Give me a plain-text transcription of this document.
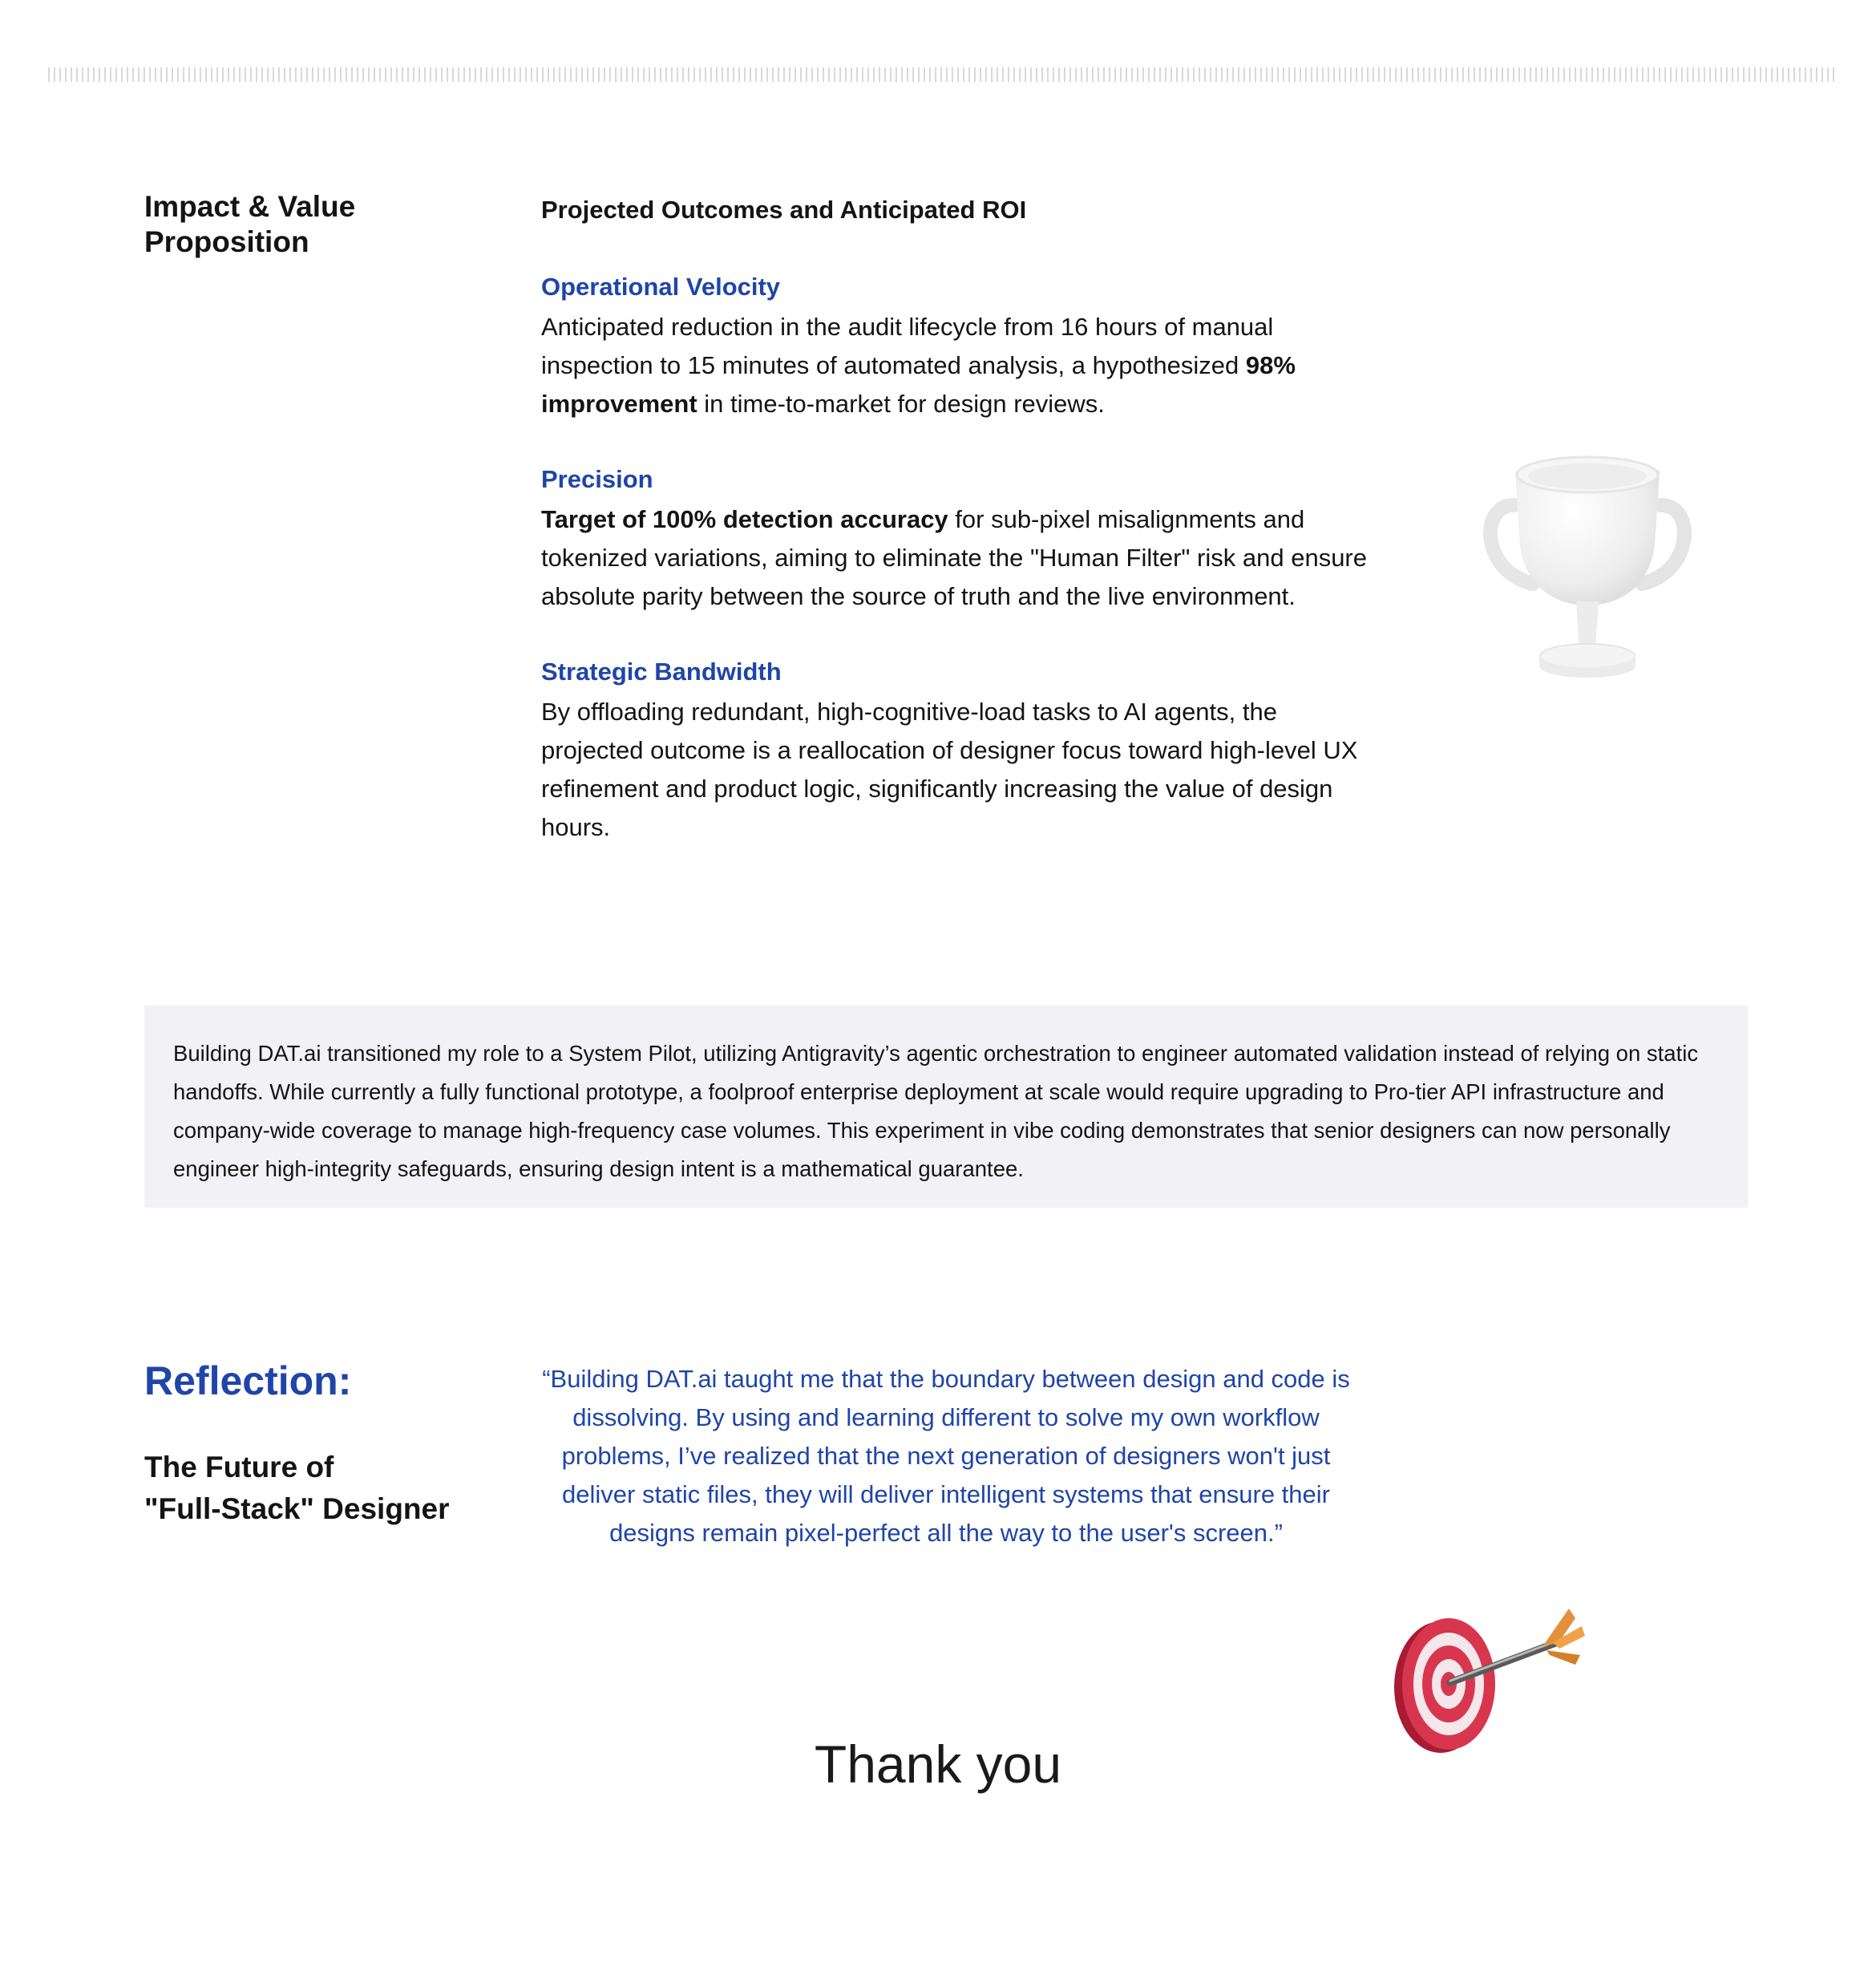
Impact & Value Proposition

Projected Outcomes and Anticipated ROI

Operational Velocity

Anticipated reduction in the audit lifecycle from 16 hours of manual inspection to 15 minutes of automated analysis, a hypothesized 98% improvement in time-to-market for design reviews.

Precision

Target of 100% detection accuracy for sub-pixel misalignments and tokenized variations, aiming to eliminate the "Human Filter" risk and ensure absolute parity between the source of truth and the live environment.

Strategic Bandwidth

By offloading redundant, high-cognitive-load tasks to AI agents, the projected outcome is a reallocation of designer focus toward high-level UX refinement and product logic, significantly increasing the value of design hours.

Building DAT.ai transitioned my role to a System Pilot, utilizing Antigravity’s agentic orchestration to engineer automated validation instead of relying on static handoffs. While currently a fully functional prototype, a foolproof enterprise deployment at scale would require upgrading to Pro-tier API infrastructure and company-wide coverage to manage high-frequency case volumes. This experiment in vibe coding demonstrates that senior designers can now personally engineer high-integrity safeguards, ensuring design intent is a mathematical guarantee.

Reflection:
The Future of
"Full-Stack" Designer

“Building DAT.ai taught me that the boundary between design and code is dissolving. By using and learning different to solve my own workflow problems, I’ve realized that the next generation of designers won't just deliver static files, they will deliver intelligent systems that ensure their designs remain pixel-perfect all the way to the user's screen.”

Thank you
